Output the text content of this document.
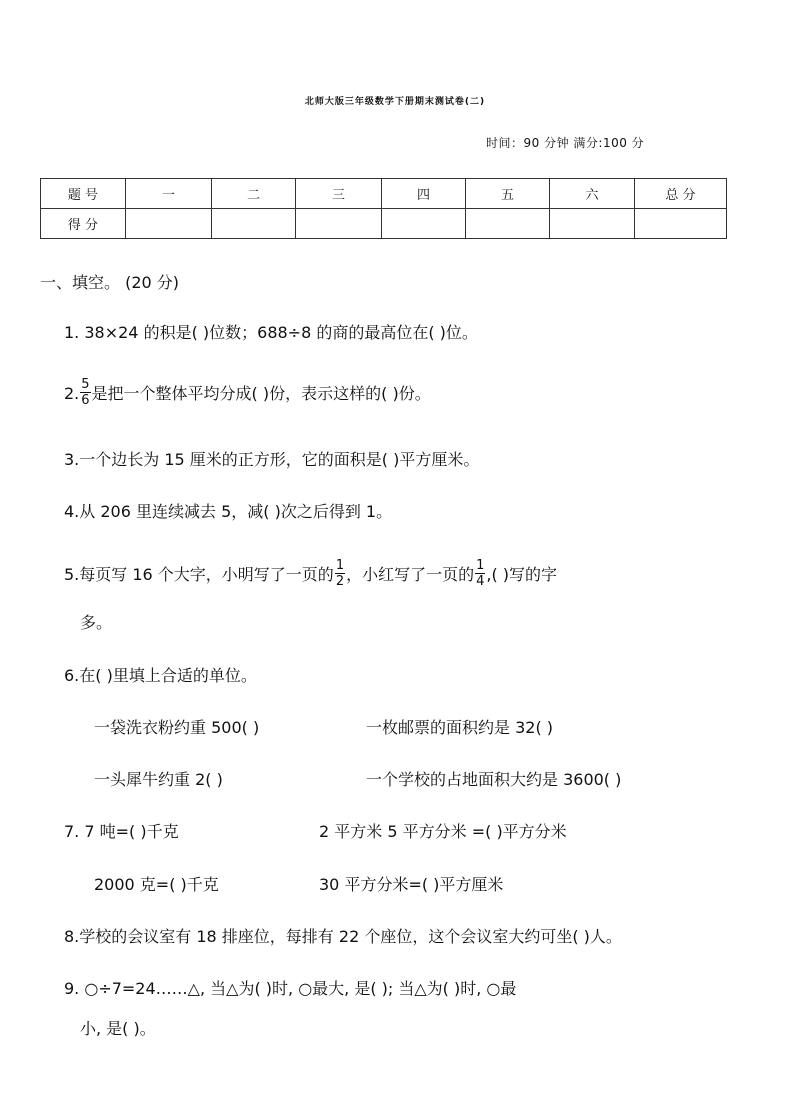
北师大版三年级数学下册期末测试卷(二)
时间：90 分钟 满分:100 分
题 号	一	二	三	四	五	六	总 分
得 分							
一、填空。 (20 分)
1. 38×24 的积是( )位数；688÷8 的商的最高位在( )位。
2. $\frac{5}{6}$ 是把一个整体平均分成( )份，表示这样的( )份。
3.一个边长为 15 厘米的正方形，它的面积是( )平方厘米。
4.从 206 里连续减去 5，减( )次之后得到 1。
5.每页写 16 个大字，小明写了一页的 $\frac{1}{2}$ ，小红写了一页的 $\frac{1}{4}$ ,( )写的字
多。
6.在( )里填上合适的单位。
一袋洗衣粉约重 500( )	一枚邮票的面积约是 32( )
一头犀牛约重 2( )	一个学校的占地面积大约是 3600( )
7. 7 吨=( )千克	2 平方米 5 平方分米 =( )平方分米
2000 克=( )千克	30 平方分米=( )平方厘米
8.学校的会议室有 18 排座位，每排有 22 个座位，这个会议室大约可坐( )人。
9. ○÷7=24……△, 当△为( )时, ○最大, 是( ); 当△为( )时, ○最
小, 是( )。
